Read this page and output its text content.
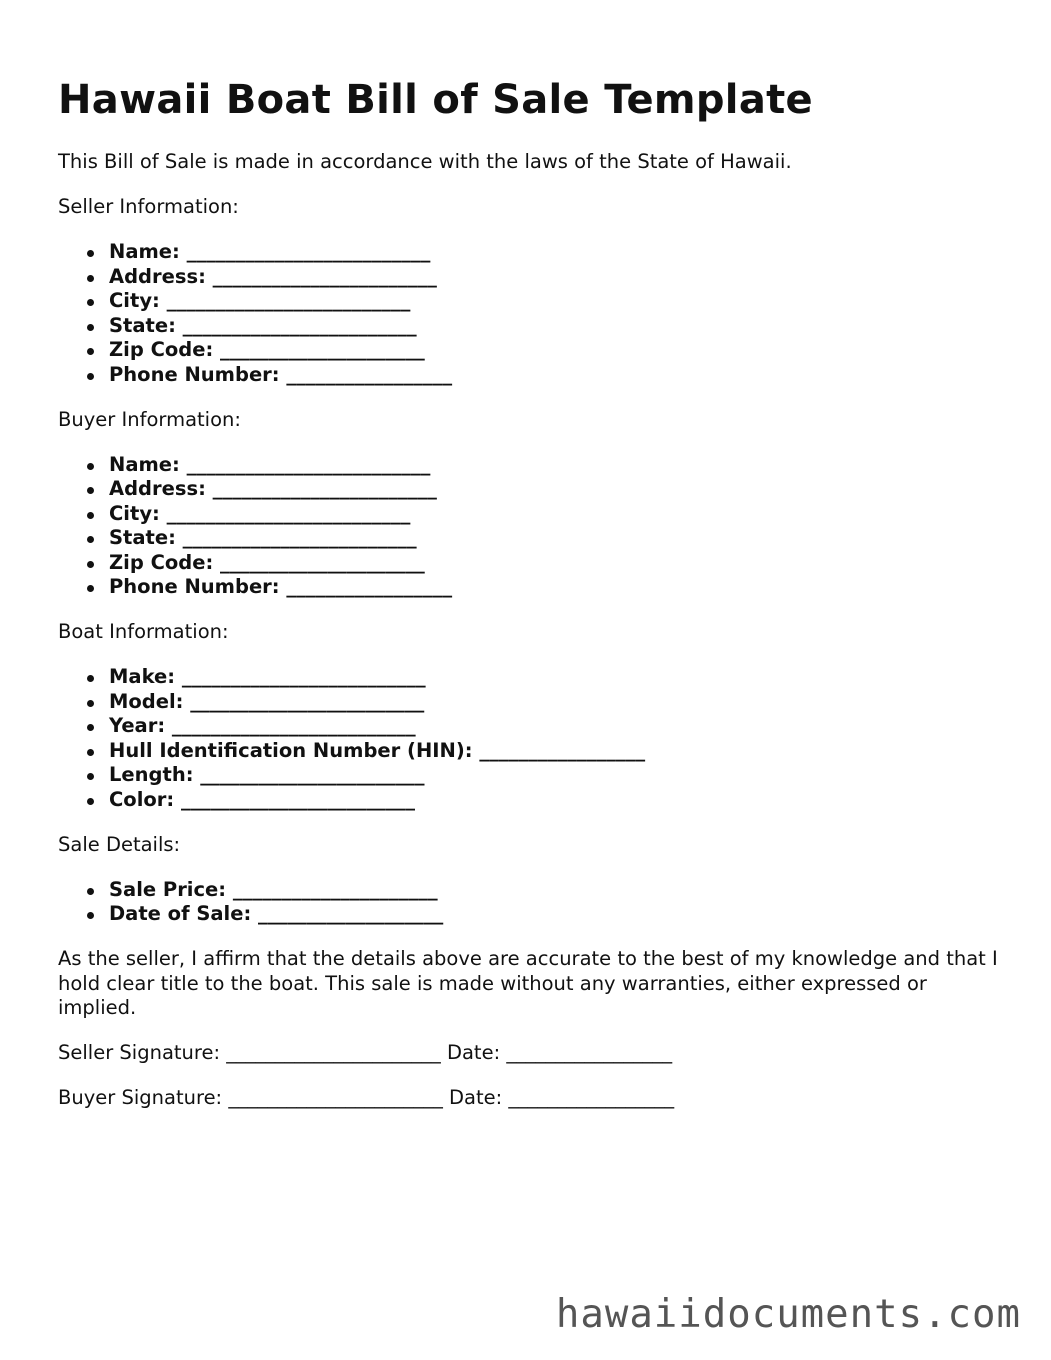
Hawaii Boat Bill of Sale Template

This Bill of Sale is made in accordance with the laws of the State of Hawaii.

Seller Information:

Name: _________________________
Address: _______________________
City: _________________________
State: ________________________
Zip Code: _____________________
Phone Number: _________________

Buyer Information:

Name: _________________________
Address: _______________________
City: _________________________
State: ________________________
Zip Code: _____________________
Phone Number: _________________

Boat Information:

Make: _________________________
Model: ________________________
Year: _________________________
Hull Identification Number (HIN): _________________
Length: _______________________
Color: ________________________

Sale Details:

Sale Price: _____________________
Date of Sale: ___________________

As the seller, I affirm that the details above are accurate to the best of my knowledge and that I hold clear title to the boat. This sale is made without any warranties, either expressed or implied.

Seller Signature: ______________________ Date: _________________

Buyer Signature: ______________________ Date: _________________

hawaiidocuments.com
